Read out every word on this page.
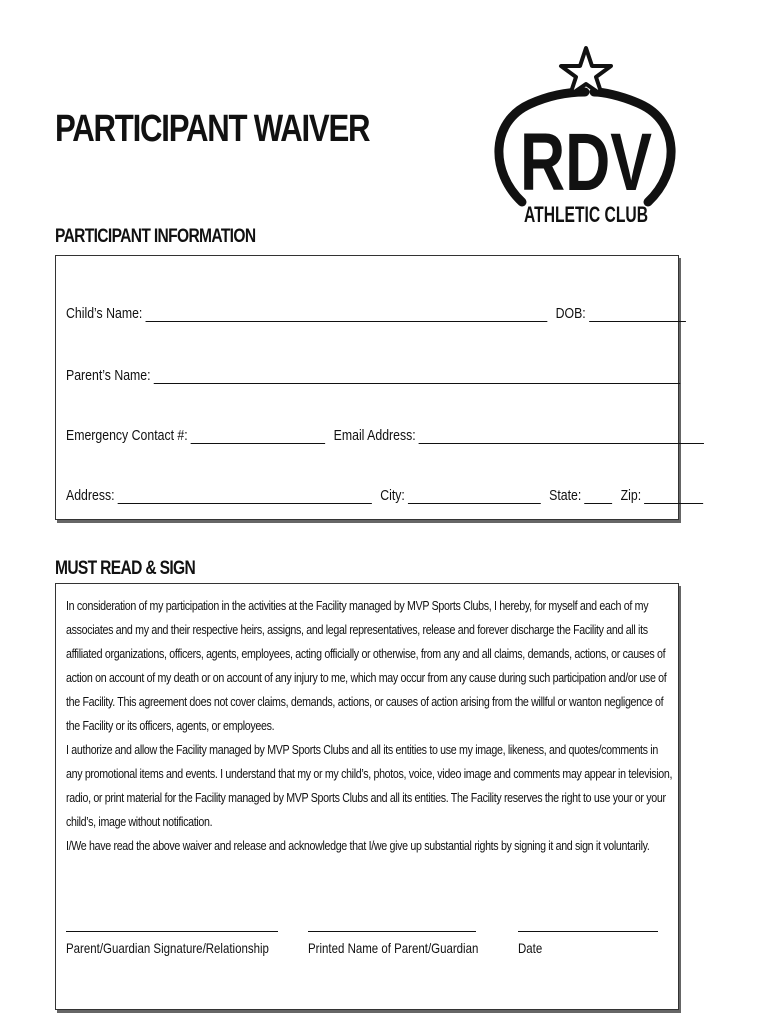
PARTICIPANT WAIVER RDV
ATHLETIC CLUB
PARTICIPANT INFORMATION
Child’s Name:	DOB:
Parent’s Name:
Emergency Contact #:	Email Address:
Address:	City:	State:	Zip:
MUST READ & SIGN
In consideration of my participation in the activities at the Facility managed by MVP Sports Clubs, I hereby, for myself and each of my associates and my and their respective heirs, assigns, and legal representatives, release and forever discharge the Facility and all its affiliated organizations, officers, agents, employees, acting officially or otherwise, from any and all claims, demands, actions, or causes of action on account of my death or on account of any injury to me, which may occur from any cause during such participation and/or use of the Facility. This agreement does not cover claims, demands, actions, or causes of action arising from the willful or wanton negligence of the Facility or its officers, agents, or employees.
I authorize and allow the Facility managed by MVP Sports Clubs and all its entities to use my image, likeness, and quotes/comments in any promotional items and events. I understand that my or my child’s, photos, voice, video image and comments may appear in television, radio, or print material for the Facility managed by MVP Sports Clubs and all its entities. The Facility reserves the right to use your or your child’s, image without notification.
I/We have read the above waiver and release and acknowledge that I/we give up substantial rights by signing it and sign it voluntarily.
Parent/Guardian Signature/Relationship	Printed Name of Parent/Guardian	Date
